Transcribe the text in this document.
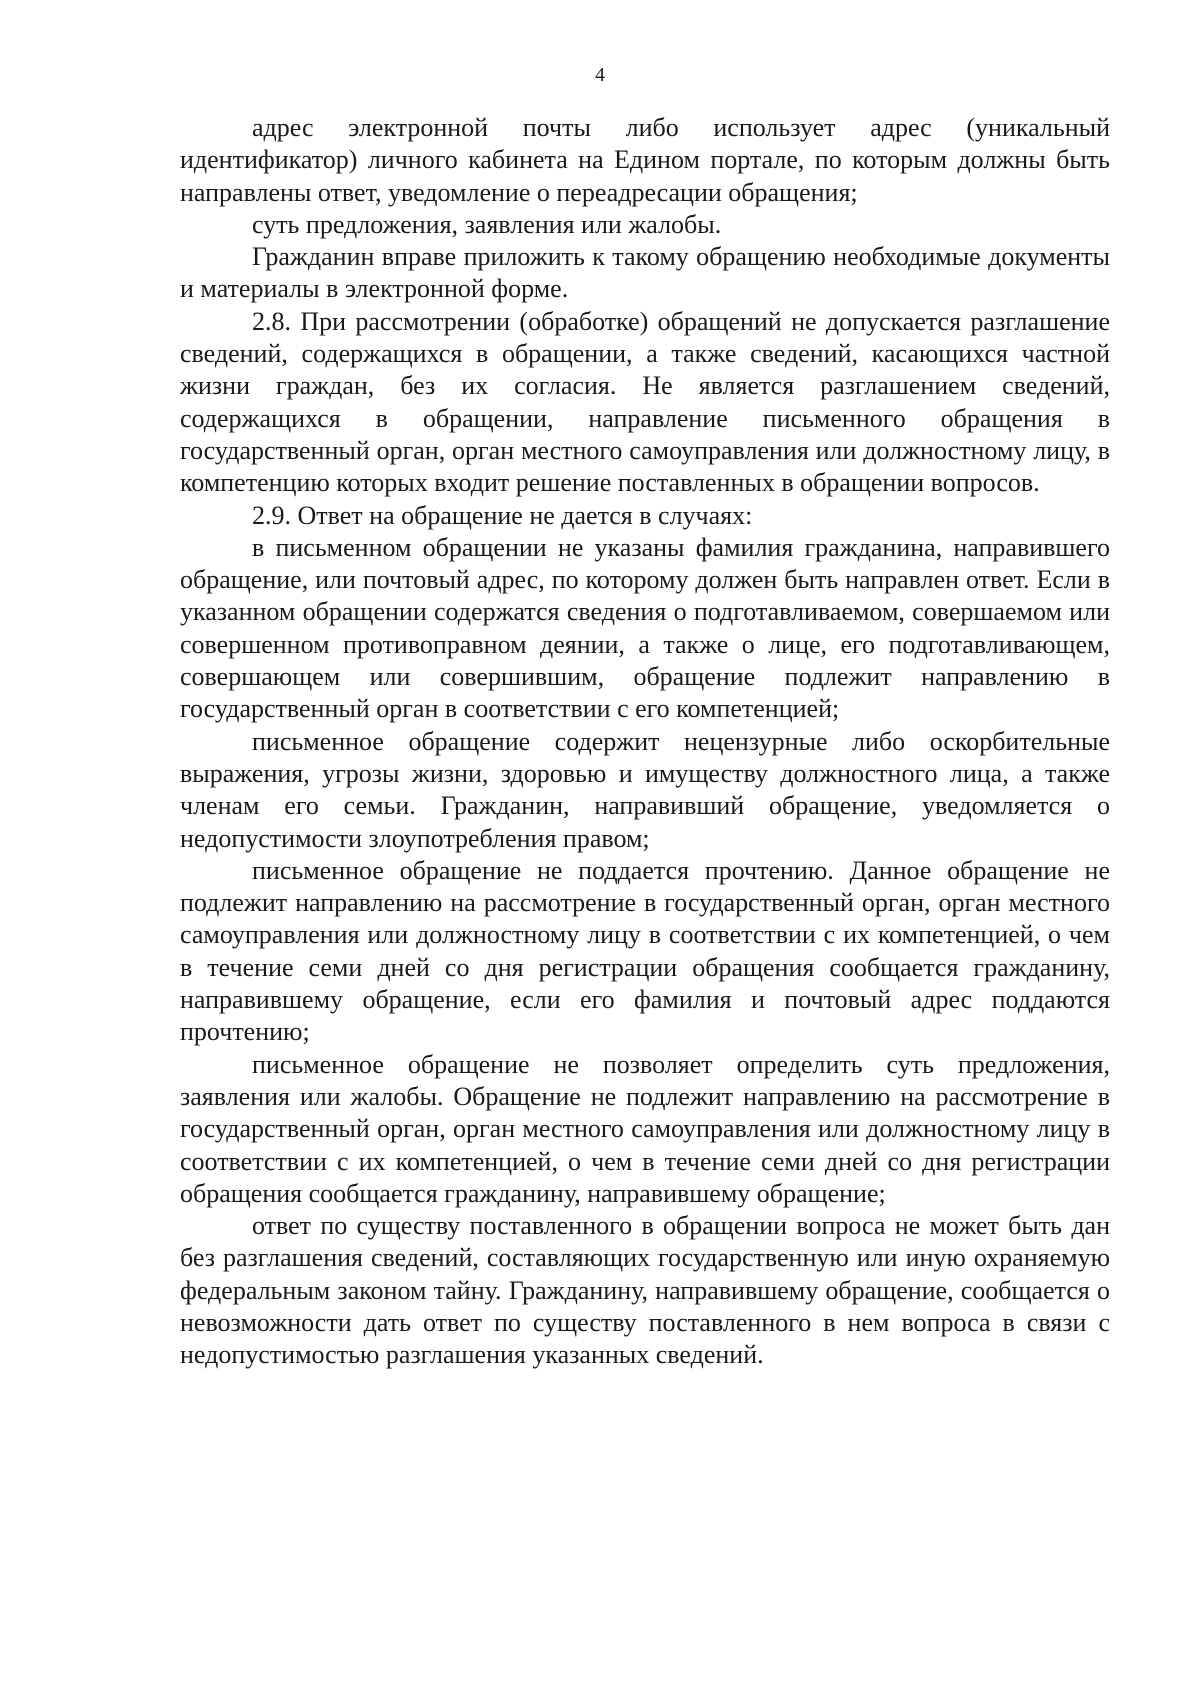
4

адрес электронной почты либо использует адрес (уникальный идентификатор) личного кабинета на Едином портале, по которым должны быть направлены ответ, уведомление о переадресации обращения;

суть предложения, заявления или жалобы.

Гражданин вправе приложить к такому обращению необходимые документы и материалы в электронной форме.

2.8. При рассмотрении (обработке) обращений не допускается разглашение сведений, содержащихся в обращении, а также сведений, касающихся частной жизни граждан, без их согласия. Не является разглашением сведений, содержащихся в обращении, направление письменного обращения в государственный орган, орган местного самоуправления или должностному лицу, в компетенцию которых входит решение поставленных в обращении вопросов.

2.9. Ответ на обращение не дается в случаях:

в письменном обращении не указаны фамилия гражданина, направившего обращение, или почтовый адрес, по которому должен быть направлен ответ. Если в указанном обращении содержатся сведения о подготавливаемом, совершаемом или совершенном противоправном деянии, а также о лице, его подготавливающем, совершающем или совершившим, обращение подлежит направлению в государственный орган в соответствии с его компетенцией;

письменное обращение содержит нецензурные либо оскорбительные выражения, угрозы жизни, здоровью и имуществу должностного лица, а также членам его семьи. Гражданин, направивший обращение, уведомляется о недопустимости злоупотребления правом;

письменное обращение не поддается прочтению. Данное обращение не подлежит направлению на рассмотрение в государственный орган, орган местного самоуправления или должностному лицу в соответствии с их компетенцией, о чем в течение семи дней со дня регистрации обращения сообщается гражданину, направившему обращение, если его фамилия и почтовый адрес поддаются прочтению;

письменное обращение не позволяет определить суть предложения, заявления или жалобы. Обращение не подлежит направлению на рассмотрение в государственный орган, орган местного самоуправления или должностному лицу в соответствии с их компетенцией, о чем в течение семи дней со дня регистрации обращения сообщается гражданину, направившему обращение;

ответ по существу поставленного в обращении вопроса не может быть дан без разглашения сведений, составляющих государственную или иную охраняемую федеральным законом тайну. Гражданину, направившему обращение, сообщается о невозможности дать ответ по существу поставленного в нем вопроса в связи с недопустимостью разглашения указанных сведений.
